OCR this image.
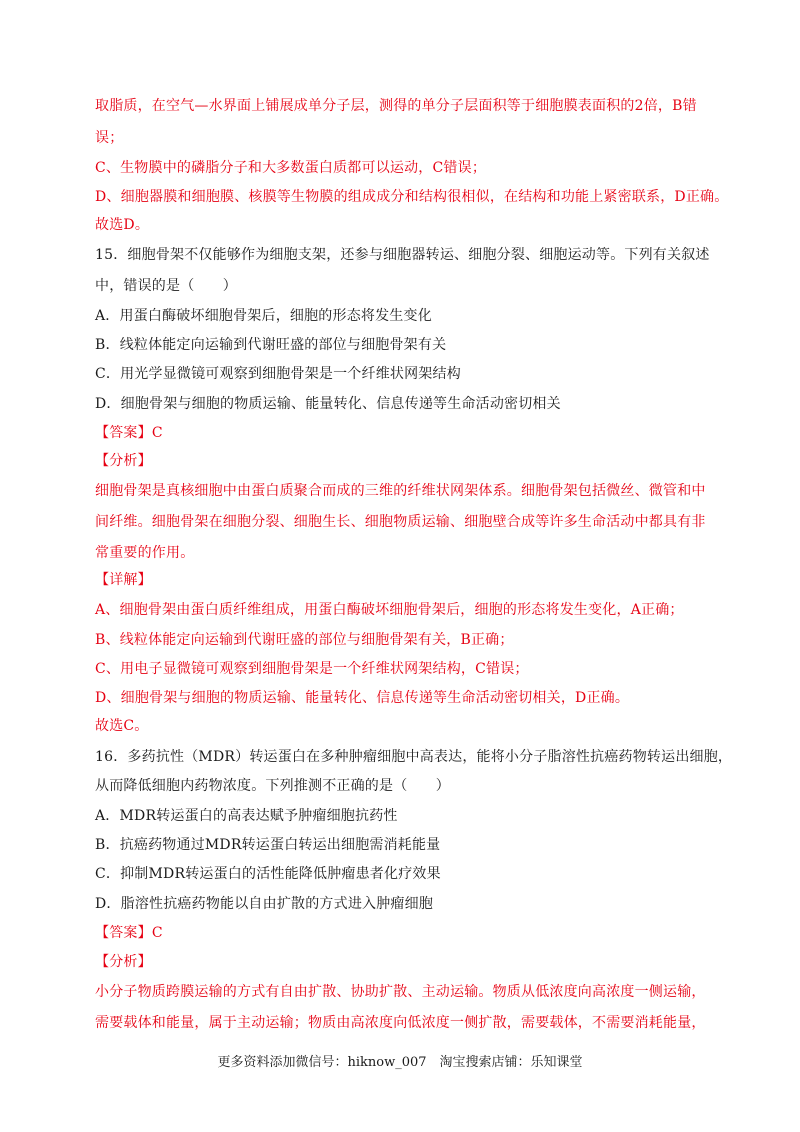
取脂质，在空气—水界面上铺展成单分子层，测得的单分子层面积等于细胞膜表面积的2倍，B错
误；
C、生物膜中的磷脂分子和大多数蛋白质都可以运动，C错误；
D、细胞器膜和细胞膜、核膜等生物膜的组成成分和结构很相似，在结构和功能上紧密联系，D正确。
故选D。
15．细胞骨架不仅能够作为细胞支架，还参与细胞器转运、细胞分裂、细胞运动等。下列有关叙述
中，错误的是（　　）
A．用蛋白酶破坏细胞骨架后，细胞的形态将发生变化
B．线粒体能定向运输到代谢旺盛的部位与细胞骨架有关
C．用光学显微镜可观察到细胞骨架是一个纤维状网架结构
D．细胞骨架与细胞的物质运输、能量转化、信息传递等生命活动密切相关
【答案】C
【分析】
细胞骨架是真核细胞中由蛋白质聚合而成的三维的纤维状网架体系。细胞骨架包括微丝、微管和中
间纤维。细胞骨架在细胞分裂、细胞生长、细胞物质运输、细胞壁合成等许多生命活动中都具有非
常重要的作用。
【详解】
A、细胞骨架由蛋白质纤维组成，用蛋白酶破坏细胞骨架后，细胞的形态将发生变化，A正确；
B、线粒体能定向运输到代谢旺盛的部位与细胞骨架有关，B正确；
C、用电子显微镜可观察到细胞骨架是一个纤维状网架结构，C错误；
D、细胞骨架与细胞的物质运输、能量转化、信息传递等生命活动密切相关，D正确。
故选C。
16．多药抗性（MDR）转运蛋白在多种肿瘤细胞中高表达，能将小分子脂溶性抗癌药物转运出细胞，
从而降低细胞内药物浓度。下列推测不正确的是（　　）
A．MDR转运蛋白的高表达赋予肿瘤细胞抗药性
B．抗癌药物通过MDR转运蛋白转运出细胞需消耗能量
C．抑制MDR转运蛋白的活性能降低肿瘤患者化疗效果
D．脂溶性抗癌药物能以自由扩散的方式进入肿瘤细胞
【答案】C
【分析】
小分子物质跨膜运输的方式有自由扩散、协助扩散、主动运输。物质从低浓度向高浓度一侧运输，
需要载体和能量，属于主动运输；物质由高浓度向低浓度一侧扩散，需要载体，不需要消耗能量，
更多资料添加微信号：hiknow_007　淘宝搜索店铺：乐知课堂
